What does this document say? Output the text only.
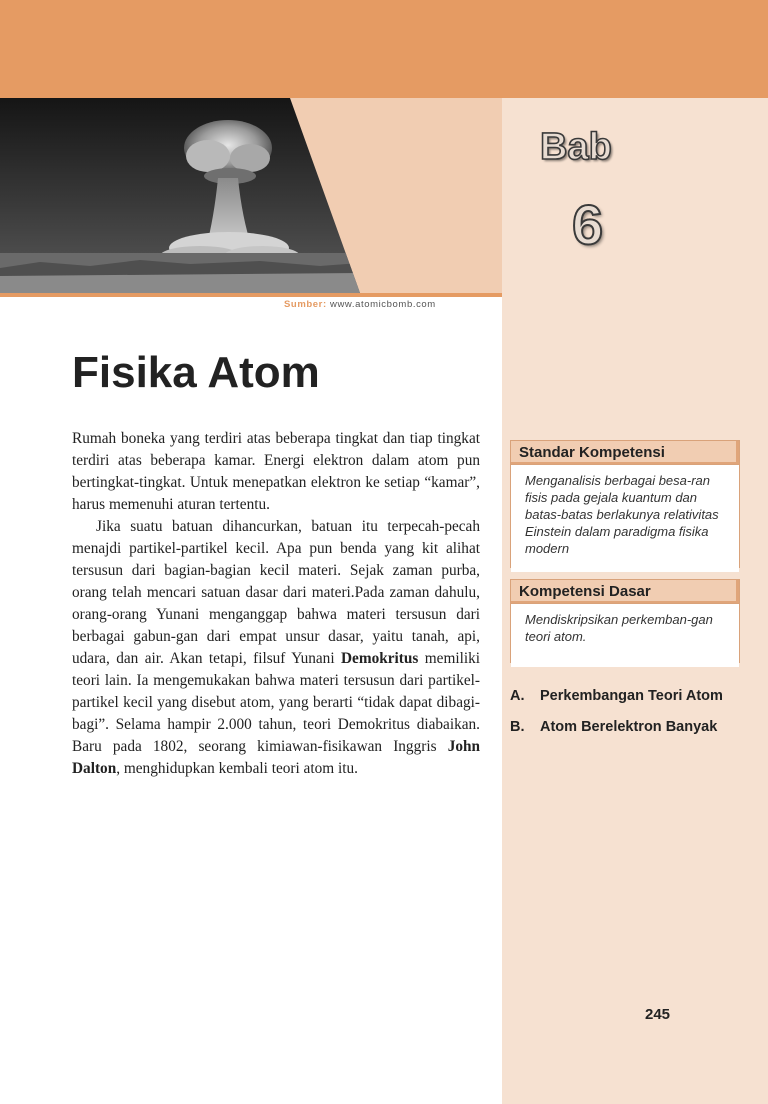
Sumber: www.atomicbomb.com
Bab
6
Fisika Atom

Rumah boneka yang terdiri atas beberapa tingkat dan tiap tingkat terdiri atas beberapa kamar. Energi elektron dalam atom pun bertingkat-tingkat. Untuk menepatkan elektron ke setiap “kamar”, harus memenuhi aturan tertentu.

Jika suatu batuan dihancurkan, batuan itu terpecah-pecah menajdi partikel-partikel kecil. Apa pun benda yang kit alihat tersusun dari bagian-bagian kecil materi. Sejak zaman purba, orang telah mencari satuan dasar dari materi.Pada zaman dahulu, orang-orang Yunani menganggap bahwa materi tersusun dari berbagai gabun-gan dari empat unsur dasar, yaitu tanah, api, udara, dan air. Akan tetapi, filsuf Yunani Demokritus memiliki teori lain. Ia mengemukakan bahwa materi tersusun dari partikel-partikel kecil yang disebut atom, yang berarti “tidak dapat dibagi-bagi”. Selama hampir 2.000 tahun, teori Demokritus diabaikan. Baru pada 1802, seorang kimiawan-fisikawan Inggris John Dalton, menghidupkan kembali teori atom itu.

Standar Kompetensi
Menganalisis berbagai besa-ran fisis pada gejala kuantum dan batas-batas berlakunya relativitas Einstein dalam paradigma fisika modern
Kompetensi Dasar
Mendiskripsikan perkemban-gan teori atom.
A.	Perkembangan Teori Atom
B.	Atom Berelektron Banyak
245
